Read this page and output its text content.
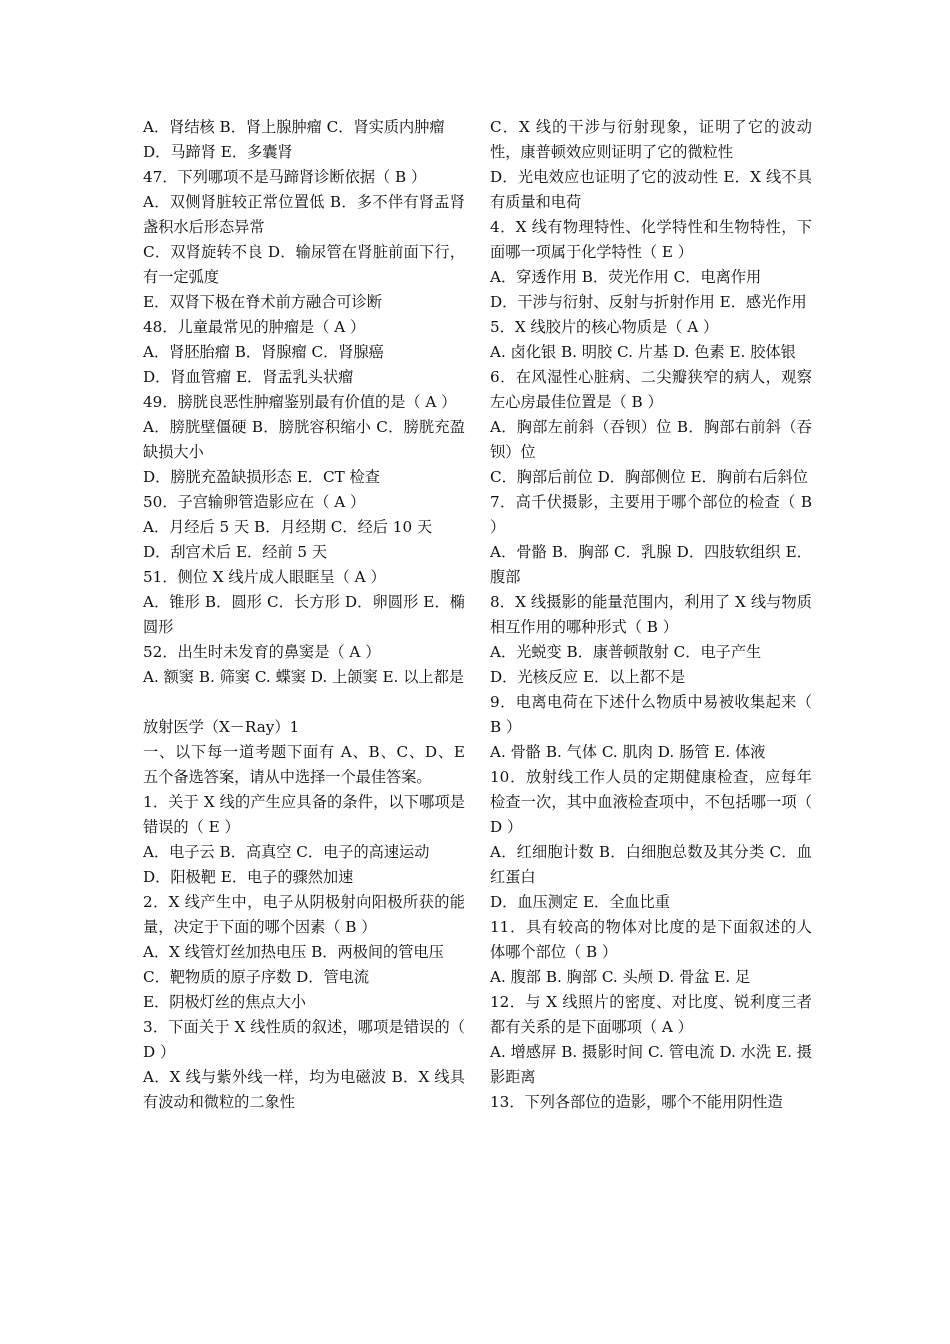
A．肾结核 B．肾上腺肿瘤 C．肾实质内肿瘤

D．马蹄肾 E．多囊肾

47．下列哪项不是马蹄肾诊断依据（ B ）

A．双侧肾脏较正常位置低 B．多不伴有肾盂肾盏积水后形态异常

C．双肾旋转不良 D．输尿管在肾脏前面下行，有一定弧度

E．双肾下极在脊术前方融合可诊断

48．儿童最常见的肿瘤是（ A ）

A．肾胚胎瘤 B．肾腺瘤 C．肾腺癌

D．肾血管瘤 E．肾盂乳头状瘤

49．膀胱良恶性肿瘤鉴别最有价值的是（ A ）

A．膀胱壁僵硬 B．膀胱容积缩小 C．膀胱充盈缺损大小

D．膀胱充盈缺损形态 E．CT 检查

50．子宫输卵管造影应在（ A ）

A．月经后 5 天 B．月经期 C．经后 10 天

D．刮宫术后 E．经前 5 天

51．侧位 X 线片成人眼眶呈（ A ）

A．锥形 B．圆形 C．长方形 D．卵圆形 E．椭圆形

52．出生时未发育的鼻窦是（ A ）

A. 额窦 B. 筛窦 C. 蝶窦 D. 上颌窦 E. 以上都是

放射医学（X－Ray）1

一、以下每一道考题下面有 A、B、C、D、E 五个备选答案，请从中选择一个最佳答案。

1．关于 X 线的产生应具备的条件，以下哪项是错误的（ E ）

A．电子云 B．高真空 C．电子的高速运动

D．阳极靶 E．电子的骤然加速

2．X 线产生中，电子从阴极射向阳极所获的能量，决定于下面的哪个因素（ B ）

A．X 线管灯丝加热电压 B．两极间的管电压

C．靶物质的原子序数 D．管电流

E．阴极灯丝的焦点大小

3．下面关于 X 线性质的叙述，哪项是错误的（ D ）

A．X 线与紫外线一样，均为电磁波 B．X 线具有波动和微粒的二象性

C．X 线的干涉与衍射现象，证明了它的波动性，康普顿效应则证明了它的微粒性

D．光电效应也证明了它的波动性 E．X 线不具有质量和电荷

4．X 线有物理特性、化学特性和生物特性，下面哪一项属于化学特性（ E ）

A．穿透作用 B．荧光作用 C．电离作用

D．干涉与衍射、反射与折射作用 E．感光作用

5．X 线胶片的核心物质是（ A ）

A. 卤化银 B. 明胶 C. 片基 D. 色素 E. 胶体银

6．在风湿性心脏病、二尖瓣狭窄的病人，观察左心房最佳位置是（ B ）

A．胸部左前斜（吞钡）位 B．胸部右前斜（吞钡）位

C．胸部后前位 D．胸部侧位 E．胸前右后斜位

7．高千伏摄影，主要用于哪个部位的检查（ B ）

A．骨骼 B．胸部 C．乳腺 D．四肢软组织 E．腹部

8．X 线摄影的能量范围内，利用了 X 线与物质相互作用的哪种形式（ B ）

A．光蜕变 B．康普顿散射 C．电子产生

D．光核反应 E．以上都不是

9．电离电荷在下述什么物质中易被收集起来（ B ）

A. 骨骼 B. 气体 C. 肌肉 D. 肠管 E. 体液

10．放射线工作人员的定期健康检查，应每年检查一次，其中血液检查项中，不包括哪一项（ D ）

A．红细胞计数 B．白细胞总数及其分类 C．血红蛋白

D．血压测定 E．全血比重

11．具有较高的物体对比度的是下面叙述的人体哪个部位（ B ）

A. 腹部 B. 胸部 C. 头颅 D. 骨盆 E. 足

12．与 X 线照片的密度、对比度、锐利度三者都有关系的是下面哪项（ A ）

A. 增感屏 B. 摄影时间 C. 管电流 D. 水洗 E. 摄影距离

13．下列各部位的造影，哪个不能用阴性造
